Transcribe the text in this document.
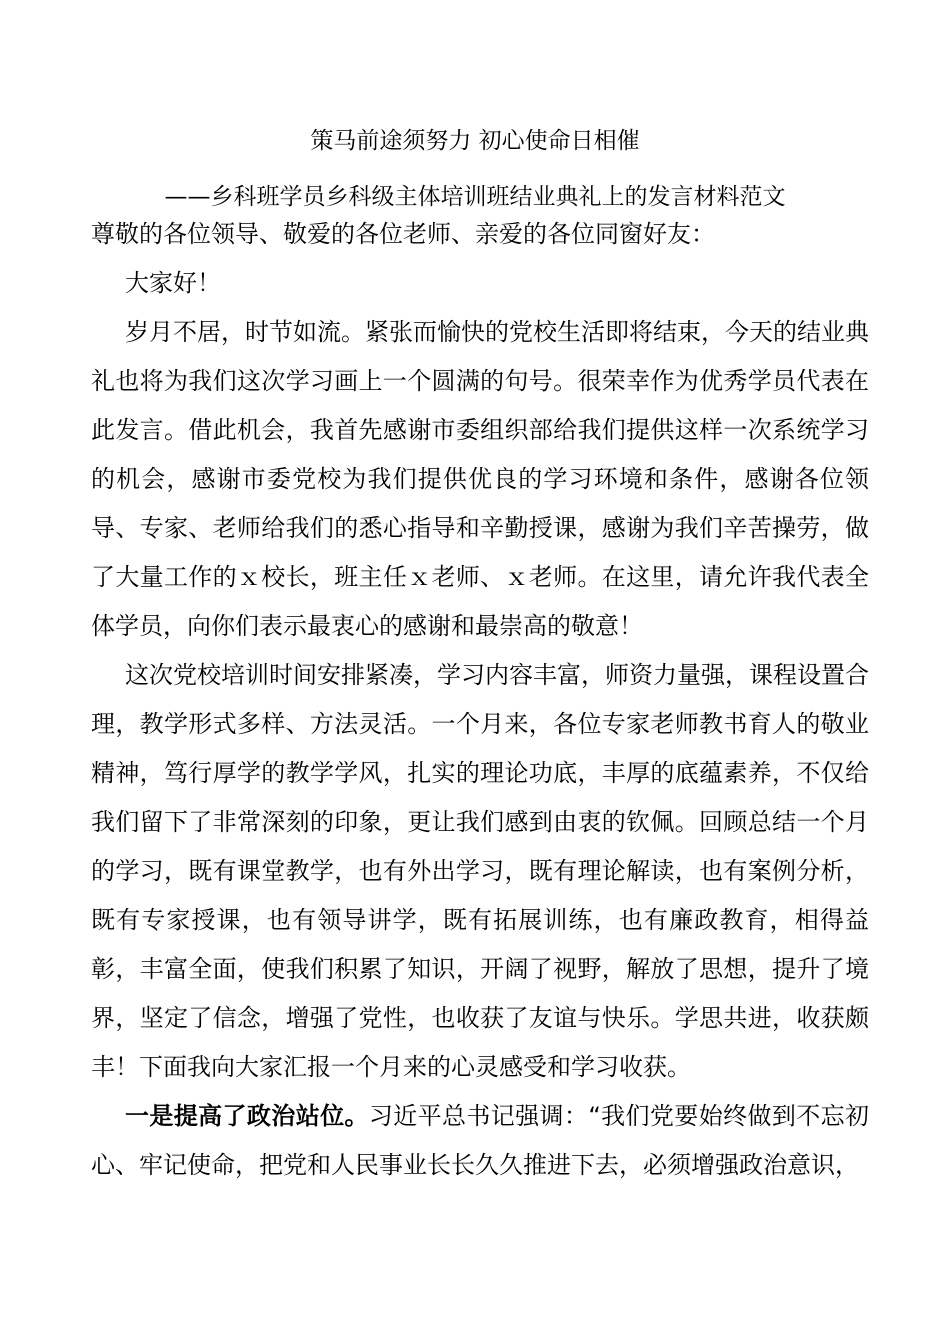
策马前途须努力 初心使命日相催
——乡科班学员乡科级主体培训班结业典礼上的发言材料范文

尊敬的各位领导、敬爱的各位老师、亲爱的各位同窗好友：

大家好！

岁月不居，时节如流。紧张而愉快的党校生活即将结束，今天的结业典礼也将为我们这次学习画上一个圆满的句号。很荣幸作为优秀学员代表在此发言。借此机会，我首先感谢市委组织部给我们提供这样一次系统学习的机会，感谢市委党校为我们提供优良的学习环境和条件，感谢各位领导、专家、老师给我们的悉心指导和辛勤授课，感谢为我们辛苦操劳，做了大量工作的ｘ校长，班主任ｘ老师、ｘ老师。在这里，请允许我代表全体学员，向你们表示最衷心的感谢和最崇高的敬意！

这次党校培训时间安排紧凑，学习内容丰富，师资力量强，课程设置合理，教学形式多样、方法灵活。一个月来，各位专家老师教书育人的敬业精神，笃行厚学的教学学风，扎实的理论功底，丰厚的底蕴素养，不仅给我们留下了非常深刻的印象，更让我们感到由衷的钦佩。回顾总结一个月的学习，既有课堂教学，也有外出学习，既有理论解读，也有案例分析，既有专家授课，也有领导讲学，既有拓展训练，也有廉政教育，相得益彰，丰富全面，使我们积累了知识，开阔了视野，解放了思想，提升了境界，坚定了信念，增强了党性，也收获了友谊与快乐。学思共进，收获颇丰！下面我向大家汇报一个月来的心灵感受和学习收获。

一是提高了政治站位。习近平总书记强调：“我们党要始终做到不忘初心、牢记使命，把党和人民事业长长久久推进下去，必须增强政治意识，
